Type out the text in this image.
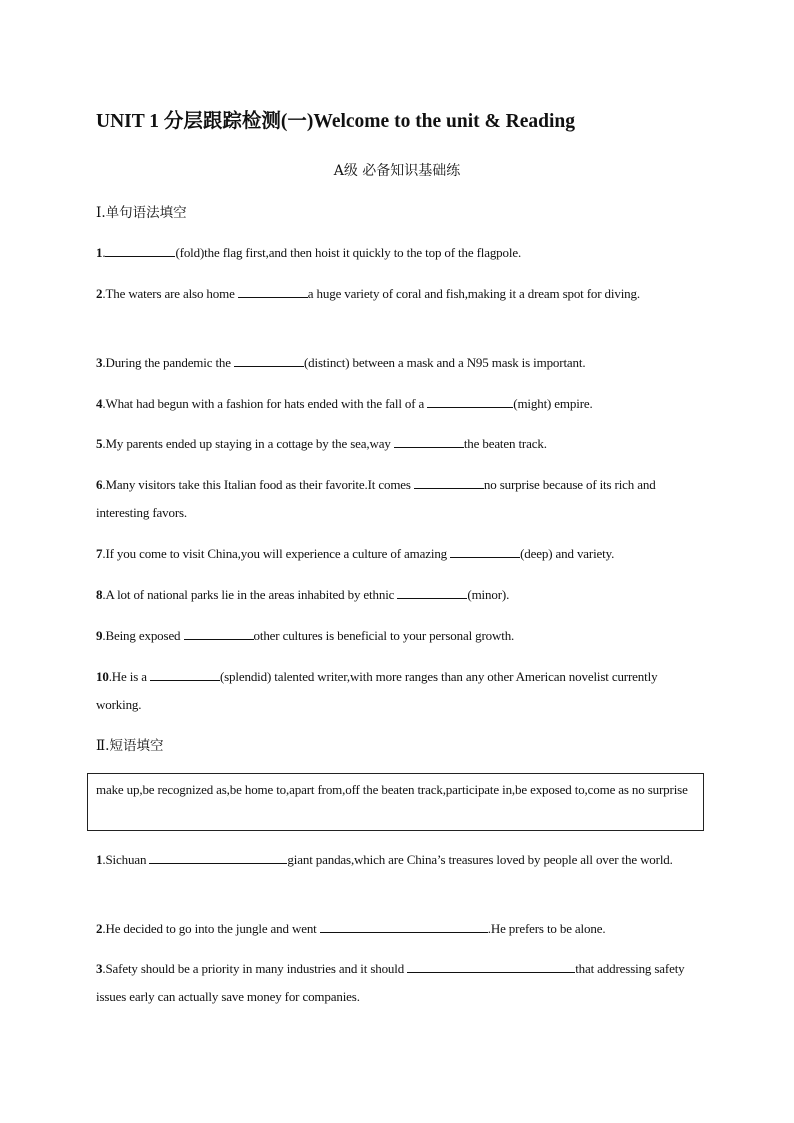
UNIT 1 分层跟踪检测(一)Welcome to the unit & Reading
A级 必备知识基础练
Ⅰ.单句语法填空
1.	(fold)the flag first,and then hoist it quickly to the top of the flagpole.
2.The waters are also home	a huge variety of coral and fish,making it a dream spot for diving.
3.During the pandemic the	(distinct) between a mask and a N95 mask is important.
4.What had begun with a fashion for hats ended with the fall of a	(might) empire.
5.My parents ended up staying in a cottage by the sea,way	the beaten track.
6.Many visitors take this Italian food as their favorite.It comes	no surprise because of its rich and interesting favors.
7.If you come to visit China,you will experience a culture of amazing	(deep) and variety.
8.A lot of national parks lie in the areas inhabited by ethnic	(minor).
9.Being exposed	other cultures is beneficial to your personal growth.
10.He is a	(splendid) talented writer,with more ranges than any other American novelist currently working.
Ⅱ.短语填空
make up,be recognized as,be home to,apart from,off the beaten track,participate in,be exposed to,come as no surprise
1.Sichuan	giant pandas,which are China’s treasures loved by people all over the world.
2.He decided to go into the jungle and went	.He prefers to be alone.
3.Safety should be a priority in many industries and it should	that addressing safety issues early can actually save money for companies.
